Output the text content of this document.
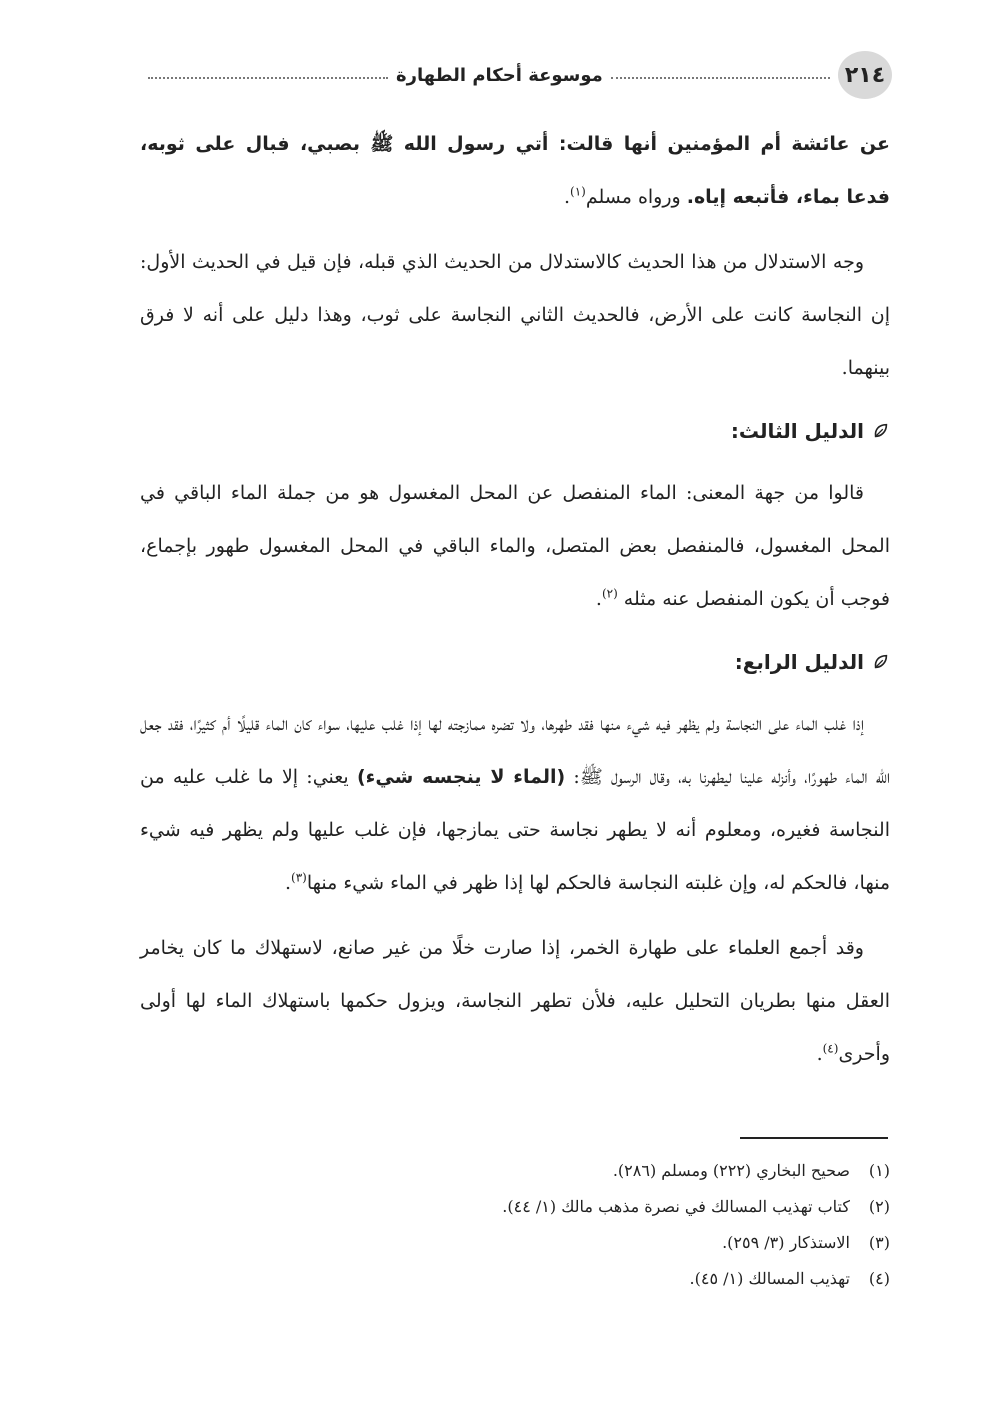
٢١٤
موسوعة أحكام الطهارة

عن عائشة أم المؤمنين أنها قالت: أتي رسول الله ﷺ بصبي، فبال على ثوبه، فدعا بماء، فأتبعه إياه. ورواه مسلم$^{(١)}$.

وجه الاستدلال من هذا الحديث كالاستدلال من الحديث الذي قبله، فإن قيل في الحديث الأول: إن النجاسة كانت على الأرض، فالحديث الثاني النجاسة على ثوب، وهذا دليل على أنه لا فرق بينهما.

الدليل الثالث:

قالوا من جهة المعنى: الماء المنفصل عن المحل المغسول هو من جملة الماء الباقي في المحل المغسول، فالمنفصل بعض المتصل، والماء الباقي في المحل المغسول طهور بإجماع، فوجب أن يكون المنفصل عنه مثله $^{(٢)}$.

الدليل الرابع:

إذا غلب الماء على النجاسة ولم يظهر فيه شيء منها فقد طهرها، ولا تضره ممازجته لها إذا غلب عليها، سواء كان الماء قليلًا أم كثيرًا، فقد جعل الله الماء طهورًا، وأنزله علينا ليطهرنا به، وقال الرسول ﷺ: (الماء لا ينجسه شيء) يعني: إلا ما غلب عليه من النجاسة فغيره، ومعلوم أنه لا يطهر نجاسة حتى يمازجها، فإن غلب عليها ولم يظهر فيه شيء منها، فالحكم له، وإن غلبته النجاسة فالحكم لها إذا ظهر في الماء شيء منها$^{(٣)}$.

وقد أجمع العلماء على طهارة الخمر، إذا صارت خلًا من غير صانع، لاستهلاك ما كان يخامر العقل منها بطريان التحليل عليه، فلأن تطهر النجاسة، ويزول حكمها باستهلاك الماء لها أولى وأحرى$^{(٤)}$.

(١)
صحيح البخاري (٢٢٢) ومسلم (٢٨٦).
(٢)
كتاب تهذيب المسالك في نصرة مذهب مالك (١/ ٤٤).
(٣)
الاستذكار (٣/ ٢٥٩).
(٤)
تهذيب المسالك (١/ ٤٥).
